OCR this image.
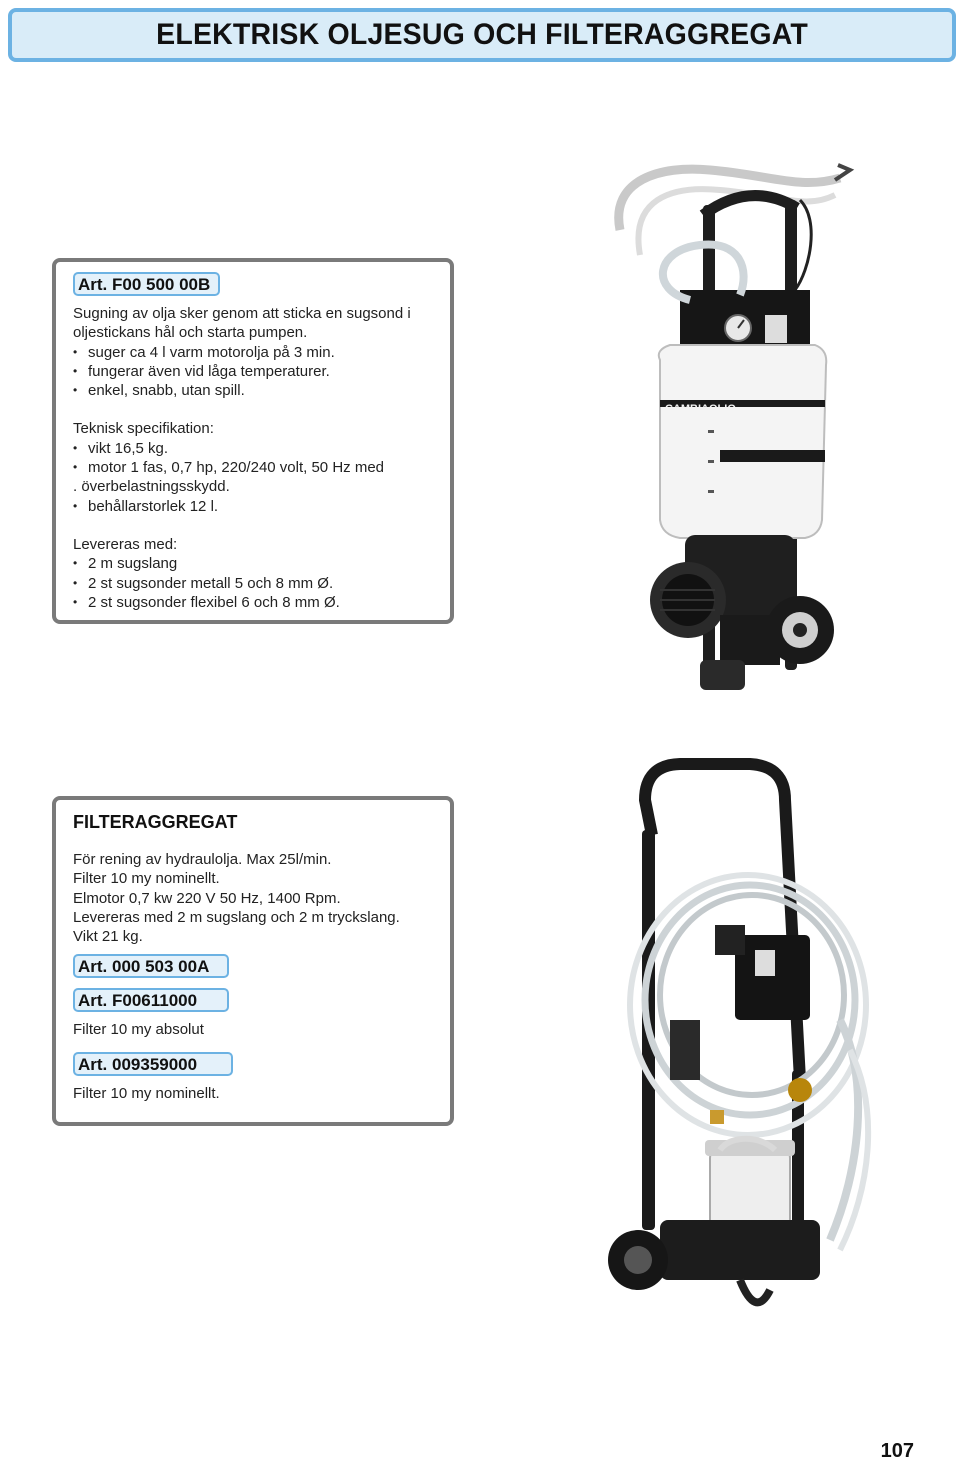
ELEKTRISK OLJESUG OCH FILTERAGGREGAT
Art. F00 500 00B
Sugning av olja sker genom att sticka en sugsond i
oljestickans hål och starta pumpen.
• suger ca 4 l varm motorolja på 3 min.
• fungerar även vid låga temperaturer.
• enkel, snabb, utan spill.
Teknisk specifikation:
• vikt 16,5 kg.
• motor 1 fas, 0,7 hp, 220/240 volt, 50 Hz med
. överbelastningsskydd.
• behållarstorlek 12 l.
Levereras med:
• 2 m sugslang
• 2 st sugsonder metall 5 och 8 mm Ø.
• 2 st sugsonder flexibel 6 och 8 mm Ø.
CAMBIAOLIO
FILTERAGGREGAT
För rening av hydraulolja. Max 25l/min.
Filter 10 my nominellt.
Elmotor 0,7 kw 220 V 50 Hz, 1400 Rpm.
Levereras med 2 m sugslang och 2 m tryckslang.
Vikt 21 kg.
Art. 000 503 00A
Art. F00611000
Filter 10 my absolut
Art. 009359000
Filter 10 my nominellt.
107
